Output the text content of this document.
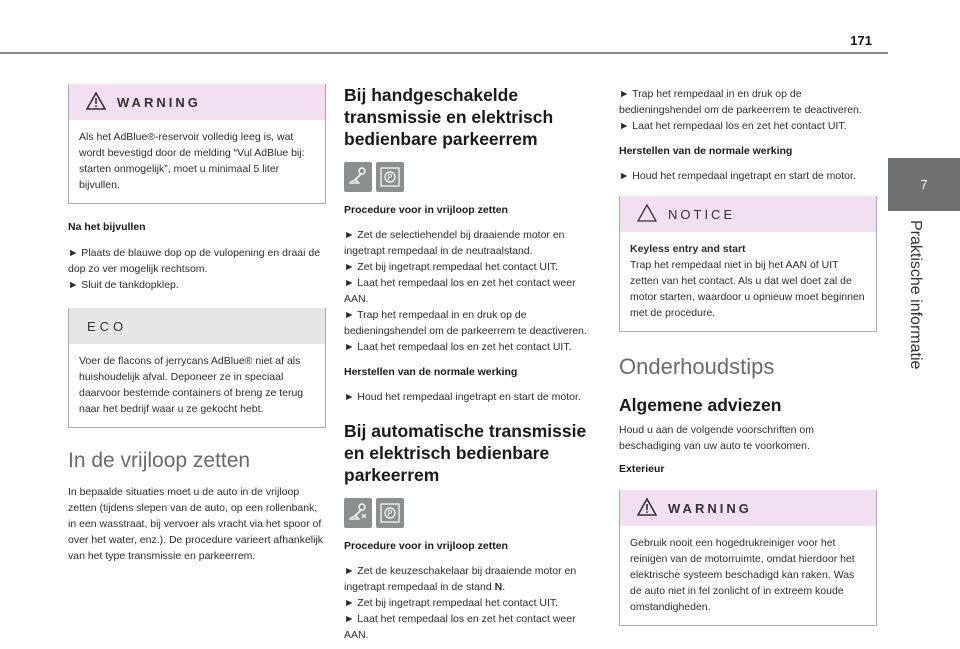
171
7
Praktische informatie
WARNING
Als het AdBlue®-reservoir volledig leeg is, wat wordt bevestigd door de melding “Vul AdBlue bij: starten onmogelijk”, moet u minimaal 5 liter bijvullen.

Na het bijvullen

► Plaats de blauwe dop op de vulopening en draai de dop zo ver mogelijk rechtsom.

► Sluit de tankdopklep.

ECO
Voer de flacons of jerrycans AdBlue® niet af als huishoudelijk afval. Deponeer ze in speciaal daarvoor bestemde containers of breng ze terug naar het bedrijf waar u ze gekocht hebt.
In de vrijloop zetten

In bepaalde situaties moet u de auto in de vrijloop zetten (tijdens slepen van de auto, op een rollenbank, in een wasstraat, bij vervoer als vracht via het spoor of over het water, enz.). De procedure varieert afhankelijk van het type transmissie en parkeerrem.

Bij handgeschakelde transmissie en elektrisch bedienbare parkeerrem
P

Procedure voor in vrijloop zetten

► Zet de selectiehendel bij draaiende motor en ingetrapt rempedaal in de neutraalstand.
► Zet bij ingetrapt rempedaal het contact UIT.
► Laat het rempedaal los en zet het contact weer AAN.
► Trap het rempedaal in en druk op de bedieningshendel om de parkeerrem te deactiveren.
► Laat het rempedaal los en zet het contact UIT.

Herstellen van de normale werking

► Houd het rempedaal ingetrapt en start de motor.

Bij automatische transmissie en elektrisch bedienbare parkeerrem
P

Procedure voor in vrijloop zetten

► Zet de keuzeschakelaar bij draaiende motor en ingetrapt rempedaal in de stand N.

► Zet bij ingetrapt rempedaal het contact UIT.

► Laat het rempedaal los en zet het contact weer AAN.

► Trap het rempedaal in en druk op de bedieningshendel om de parkeerrem te deactiveren.
► Laat het rempedaal los en zet het contact UIT.

Herstellen van de normale werking

► Houd het rempedaal ingetrapt en start de motor.

NOTICE
Keyless entry and start
Trap het rempedaal niet in bij het AAN of UIT zetten van het contact. Als u dat wel doet zal de motor starten, waardoor u opnieuw moet beginnen met de procedure.
Onderhoudstips
Algemene adviezen

Houd u aan de volgende voorschriften om beschadiging van uw auto te voorkomen.

Exterieur

WARNING
Gebruik nooit een hogedrukreiniger voor het reinigen van de motorruimte, omdat hierdoor het elektrische systeem beschadigd kan raken. Was de auto niet in fel zonlicht of in extreem koude omstandigheden.
